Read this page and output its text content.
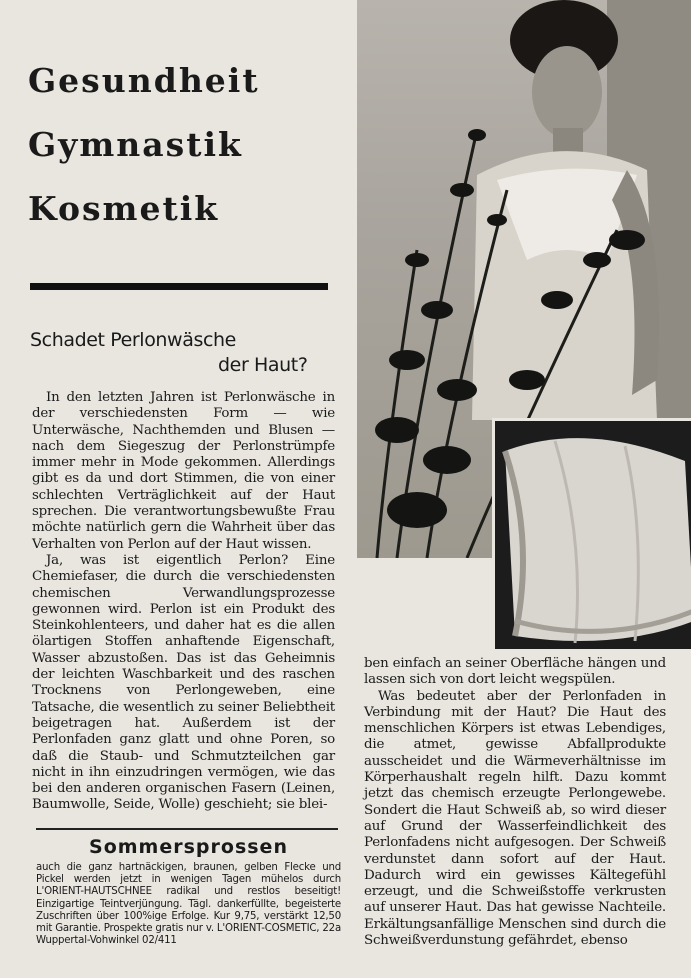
Gesundheit
Gymnastik
Kosmetik
Schadet Perlonwäsche
der Haut?

In den letzten Jahren ist Perlonwäsche in der verschiedensten Form — wie Unterwäsche, Nachthemden und Blusen — nach dem Siegeszug der Perlonstrümpfe immer mehr in Mode gekommen. Allerdings gibt es da und dort Stimmen, die von einer schlechten Verträglichkeit auf der Haut sprechen. Die verantwortungsbewußte Frau möchte natürlich gern die Wahrheit über das Verhalten von Perlon auf der Haut wissen.

Ja, was ist eigentlich Perlon? Eine Chemiefaser, die durch die verschiedensten chemischen Verwandlungsprozesse gewonnen wird. Perlon ist ein Produkt des Steinkohlenteers, und daher hat es die allen ölartigen Stoffen anhaftende Eigenschaft, Wasser abzustoßen. Das ist das Geheimnis der leichten Waschbarkeit und des raschen Trocknens von Perlongeweben, eine Tatsache, die wesentlich zu seiner Beliebtheit beigetragen hat. Außerdem ist der Perlonfaden ganz glatt und ohne Poren, so daß die Staub- und Schmutzteilchen gar nicht in ihn einzudringen vermögen, wie das bei den anderen organischen Fasern (Leinen, Baumwolle, Seide, Wolle) geschieht; sie blei-

Sommersprossen
auch die ganz hartnäckigen, braunen, gelben Flecke und Pickel werden jetzt in wenigen Tagen mühelos durch L'ORIENT-HAUTSCHNEE radikal und restlos beseitigt! Einzigartige Teintverjüngung. Tägl. dankerfüllte, begeisterte Zuschriften über 100%ige Erfolge. Kur 9,75, verstärkt 12,50 mit Garantie. Prospekte gratis nur v. L'ORIENT-COSMETIC, 22a Wuppertal-Vohwinkel 02/411

ben einfach an seiner Oberfläche hängen und lassen sich von dort leicht wegspülen.

Was bedeutet aber der Perlonfaden in Verbindung mit der Haut? Die Haut des menschlichen Körpers ist etwas Lebendiges, die atmet, gewisse Abfallprodukte ausscheidet und die Wärmeverhältnisse im Körperhaushalt regeln hilft. Dazu kommt jetzt das chemisch erzeugte Perlongewebe. Sondert die Haut Schweiß ab, so wird dieser auf Grund der Wasserfeindlichkeit des Perlonfadens nicht aufgesogen. Der Schweiß verdunstet dann sofort auf der Haut. Dadurch wird ein gewisses Kältegefühl erzeugt, und die Schweißstoffe verkrusten auf unserer Haut. Das hat gewisse Nachteile. Erkältungsanfällige Menschen sind durch die Schweißverdunstung gefährdet, ebenso
